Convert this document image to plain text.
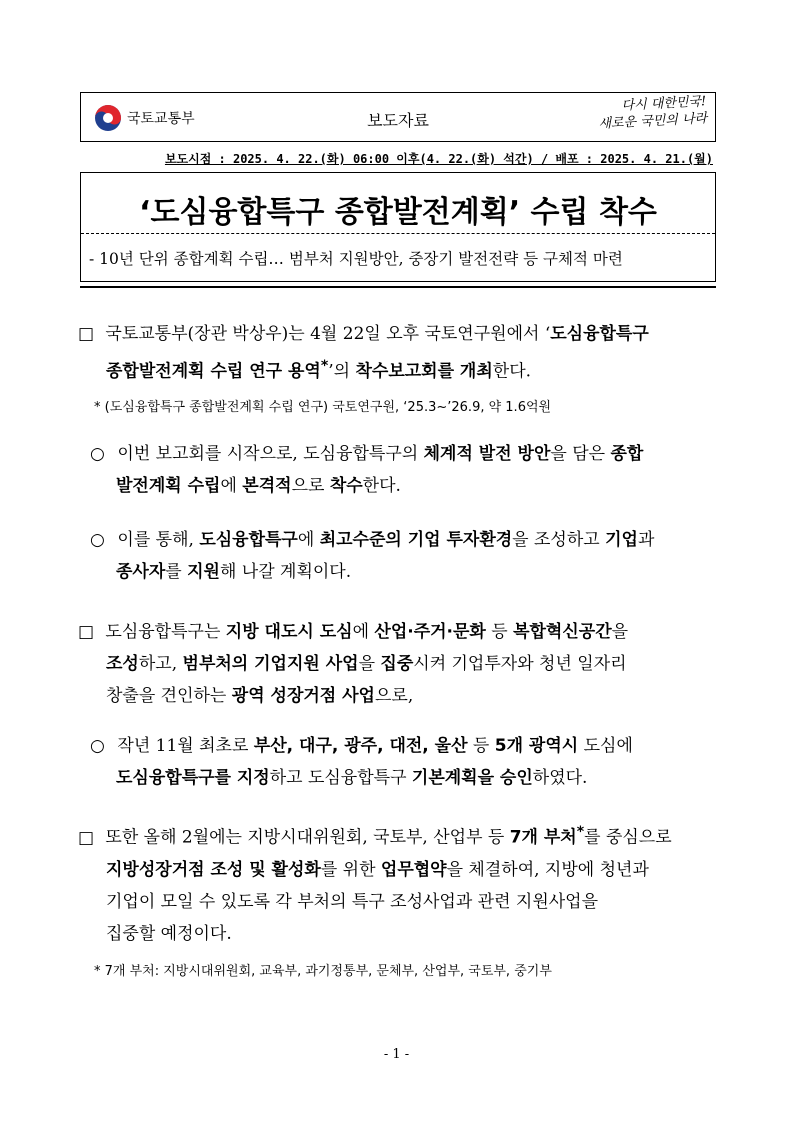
국토교통부	보도자료
다시 대한민국!
새로운 국민의 나라
보도시점 : 2025. 4. 22.(화) 06:00 이후(4. 22.(화) 석간) / 배포 : 2025. 4. 21.(월)
‘도심융합특구 종합발전계획’ 수립 착수
- 10년 단위 종합계획 수립… 범부처 지원방안, 중장기 발전전략 등 구체적 마련
□ 국토교통부(장관 박상우)는 4월 22일 오후 국토연구원에서 ‘도심융합특구
종합발전계획 수립 연구 용역*’의 착수보고회를 개최한다.
* (도심융합특구 종합발전계획 수립 연구) 국토연구원, ‘25.3~’26.9, 약 1.6억원
○ 이번 보고회를 시작으로, 도심융합특구의 체계적 발전 방안을 담은 종합
발전계획 수립에 본격적으로 착수한다.
○ 이를 통해, 도심융합특구에 최고수준의 기업 투자환경을 조성하고 기업과
종사자를 지원해 나갈 계획이다.
□ 도심융합특구는 지방 대도시 도심에 산업·주거·문화 등 복합혁신공간을
조성하고, 범부처의 기업지원 사업을 집중시켜 기업투자와 청년 일자리
창출을 견인하는 광역 성장거점 사업으로,
○ 작년 11월 최초로 부산, 대구, 광주, 대전, 울산 등 5개 광역시 도심에
도심융합특구를 지정하고 도심융합특구 기본계획을 승인하였다.
□ 또한 올해 2월에는 지방시대위원회, 국토부, 산업부 등 7개 부처*를 중심으로
지방성장거점 조성 및 활성화를 위한 업무협약을 체결하여, 지방에 청년과
기업이 모일 수 있도록 각 부처의 특구 조성사업과 관련 지원사업을
집중할 예정이다.
* 7개 부처: 지방시대위원회, 교육부, 과기정통부, 문체부, 산업부, 국토부, 중기부
- 1 -
